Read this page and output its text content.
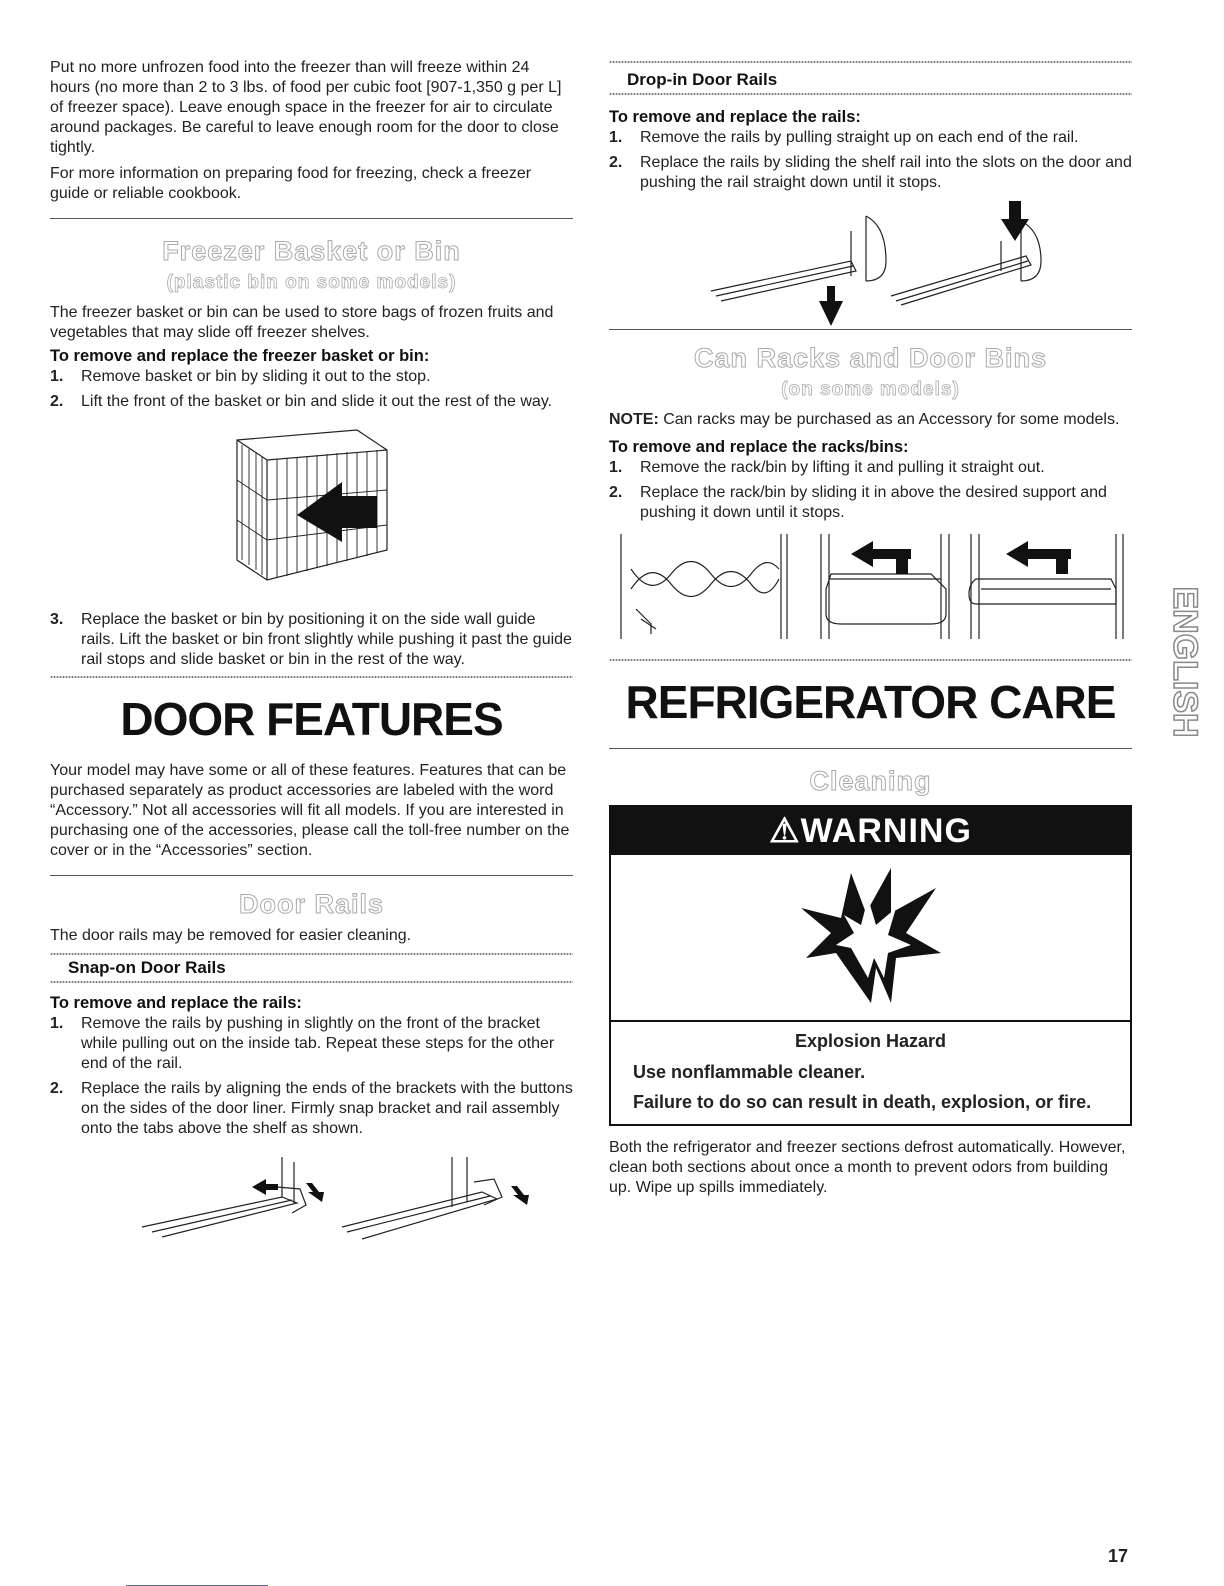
Put no more unfrozen food into the freezer than will freeze within 24 hours (no more than 2 to 3 lbs. of food per cubic foot [907-1,350 g per L] of freezer space). Leave enough space in the freezer for air to circulate around packages. Be careful to leave enough room for the door to close tightly.

For more information on preparing food for freezing, check a freezer guide or reliable cookbook.

Freezer Basket or Bin
(plastic bin on some models)

The freezer basket or bin can be used to store bags of frozen fruits and vegetables that may slide off freezer shelves.

To remove and replace the freezer basket or bin:
1. Remove basket or bin by sliding it out to the stop.
2. Lift the front of the basket or bin and slide it out the rest of the way.
3. Replace the basket or bin by positioning it on the side wall guide rails. Lift the basket or bin front slightly while pushing it past the guide rail stops and slide basket or bin in the rest of the way.
DOOR FEATURES

Your model may have some or all of these features. Features that can be purchased separately as product accessories are labeled with the word “Accessory.” Not all accessories will fit all models. If you are interested in purchasing one of the accessories, please call the toll-free number on the cover or in the “Accessories” section.

Door Rails

The door rails may be removed for easier cleaning.

Snap-on Door Rails
To remove and replace the rails:
1. Remove the rails by pushing in slightly on the front of the bracket while pulling out on the inside tab. Repeat these steps for the other end of the rail.
2. Replace the rails by aligning the ends of the brackets with the buttons on the sides of the door liner. Firmly snap bracket and rail assembly onto the tabs above the shelf as shown.
Drop-in Door Rails
To remove and replace the rails:
1. Remove the rails by pulling straight up on each end of the rail.
2. Replace the rails by sliding the shelf rail into the slots on the door and pushing the rail straight down until it stops.
Can Racks and Door Bins
(on some models)

NOTE: Can racks may be purchased as an Accessory for some models.

To remove and replace the racks/bins:
1. Remove the rack/bin by lifting it and pulling it straight out.
2. Replace the rack/bin by sliding it in above the desired support and pushing it down until it stops.
REFRIGERATOR CARE
Cleaning
⚠WARNING
Explosion Hazard
Use nonflammable cleaner.
Failure to do so can result in death, explosion, or fire.

Both the refrigerator and freezer sections defrost automatically. However, clean both sections about once a month to prevent odors from building up. Wipe up spills immediately.

ENGLISH
17
